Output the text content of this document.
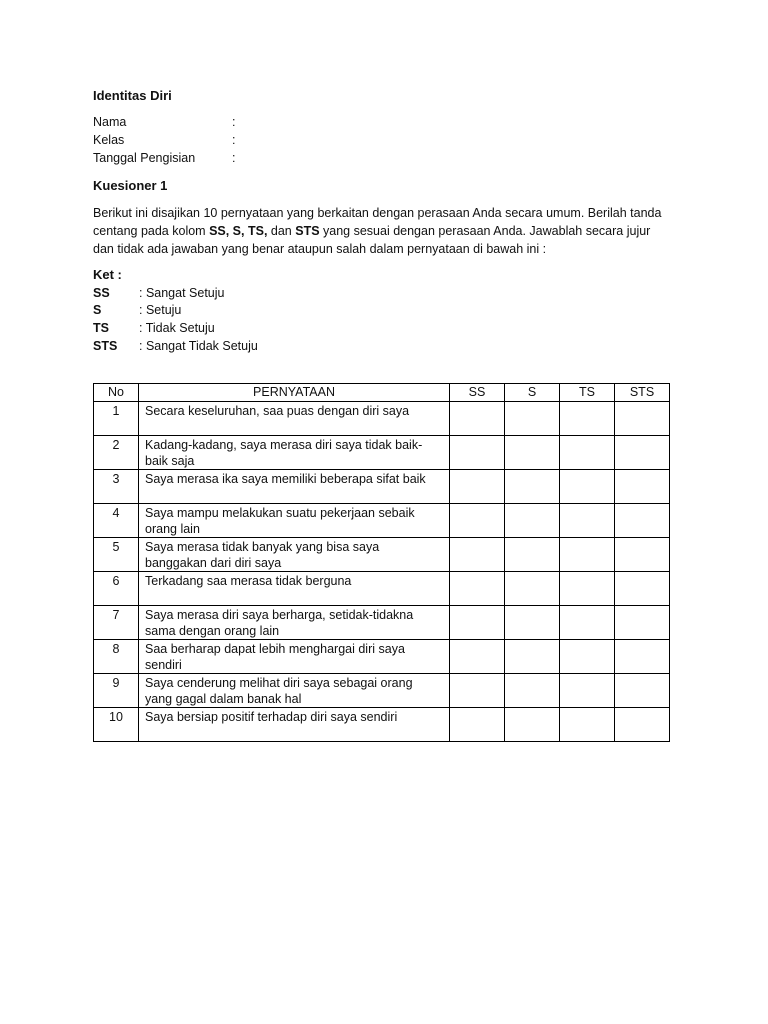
Identitas Diri
Nama	:
Kelas	:
Tanggal Pengisian	:
Kuesioner 1
Berikut ini disajikan 10 pernyataan yang berkaitan dengan perasaan Anda secara umum. Berilah tanda centang pada kolom SS, S, TS, dan STS yang sesuai dengan perasaan Anda. Jawablah secara jujur dan tidak ada jawaban yang benar ataupun salah dalam pernyataan di bawah ini :
Ket :
SS	: Sangat Setuju
S	: Setuju
TS	: Tidak Setuju
STS	: Sangat Tidak Setuju
No	PERNYATAAN	SS	S	TS	STS
1	Secara keseluruhan, saa puas dengan diri saya				
2	Kadang-kadang, saya merasa diri saya tidak baik-baik saja				
3	Saya merasa ika saya memiliki beberapa sifat baik				
4	Saya mampu melakukan suatu pekerjaan sebaik orang lain				
5	Saya merasa tidak banyak yang bisa saya banggakan dari diri saya				
6	Terkadang saa merasa tidak berguna				
7	Saya merasa diri saya berharga, setidak-tidakna sama dengan orang lain				
8	Saa berharap dapat lebih menghargai diri saya sendiri				
9	Saya cenderung melihat diri saya sebagai orang yang gagal dalam banak hal				
10	Saya bersiap positif terhadap diri saya sendiri				
